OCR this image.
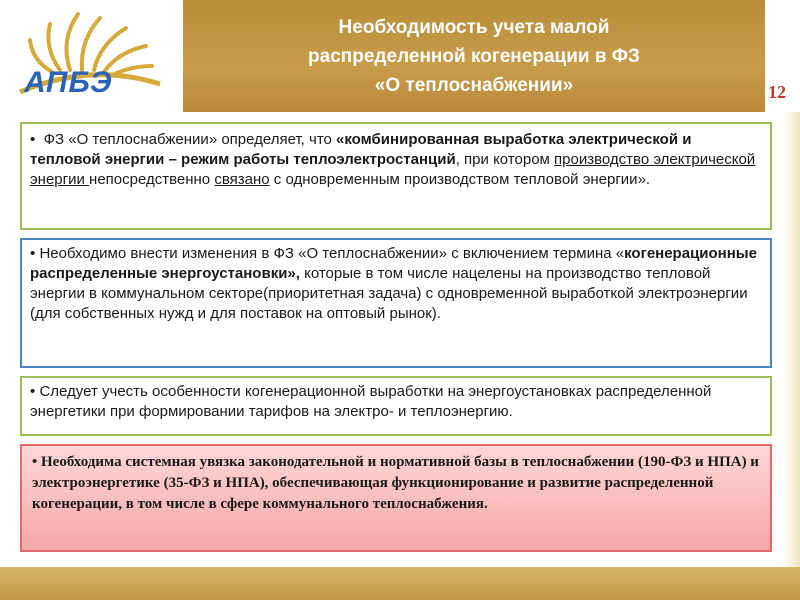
АПБЭ
Необходимость учета малой
распределенной когенерации в ФЗ
«О теплоснабжении»	12

• ФЗ «О теплоснабжении» определяет, что «комбинированная выработка электрической и тепловой энергии – режим работы теплоэлектростанций, при котором производство электрической энергии непосредственно связано с одновременным производством тепловой энергии».

• Необходимо внести изменения в ФЗ «О теплоснабжении» с включением термина «когенерационные распределенные энергоустановки», которые в том числе нацелены на производство тепловой энергии в коммунальном секторе(приоритетная задача) с одновременной выработкой электроэнергии (для собственных нужд и для поставок на оптовый рынок).

• Следует учесть особенности когенерационной выработки на энергоустановках распределенной энергетики при формировании тарифов на электро- и теплоэнергию.

• Необходима системная увязка законодательной и нормативной базы в теплоснабжении (190-ФЗ и НПА) и электроэнергетике (35-ФЗ и НПА), обеспечивающая функционирование и развитие распределенной когенерации, в том числе в сфере коммунального теплоснабжения.
